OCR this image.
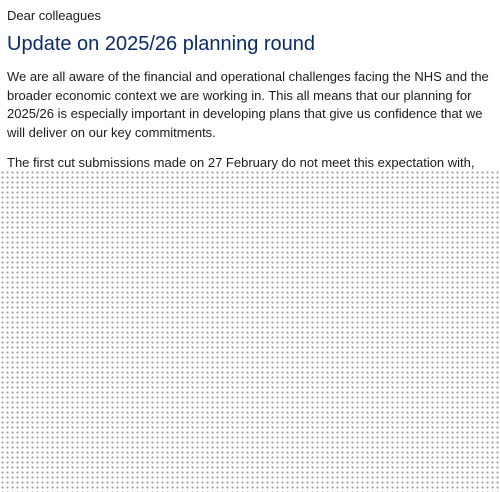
Dear colleagues

Update on 2025/26 planning round

We are all aware of the financial and operational challenges facing the NHS and the broader economic context we are working in. This all means that our planning for 2025/26 is especially important in developing plans that give us confidence that we will deliver on our key commitments.

The first cut submissions made on 27 February do not meet this expectation with,
